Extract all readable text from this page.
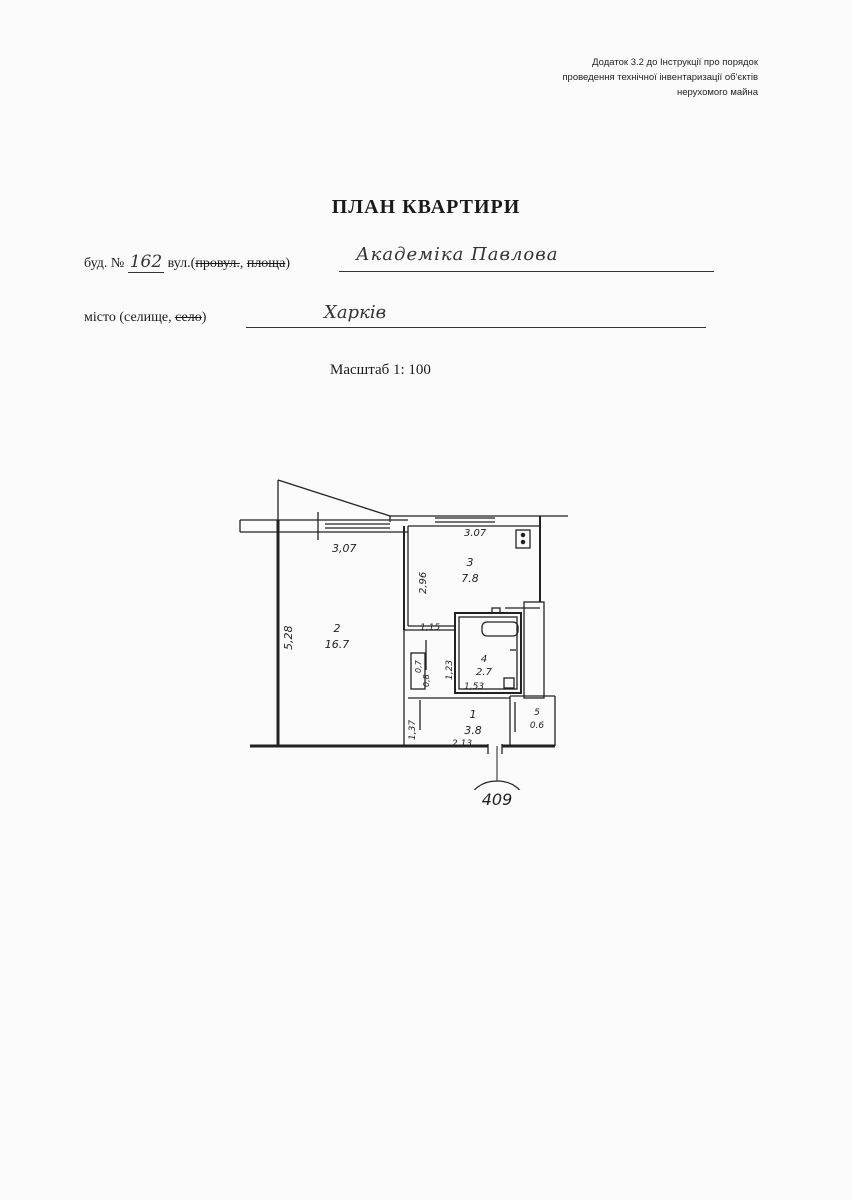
Додаток 3.2 до Інструкції про порядок
проведення технічної інвентаризації об'єктів
нерухомого майна
ПЛАН КВАРТИРИ
буд. № 162 вул.(провул., площа)	Академіка Павлова
місто (селище, село)	Харків
Масштаб 1: 100
3,07
3.07
5,28
2,96
1,15
1,23
1,37
0,7
0,8	1,53
2,13
2
16.7
3
7.8
4
2.7
1
3.8
5
0.6
409
